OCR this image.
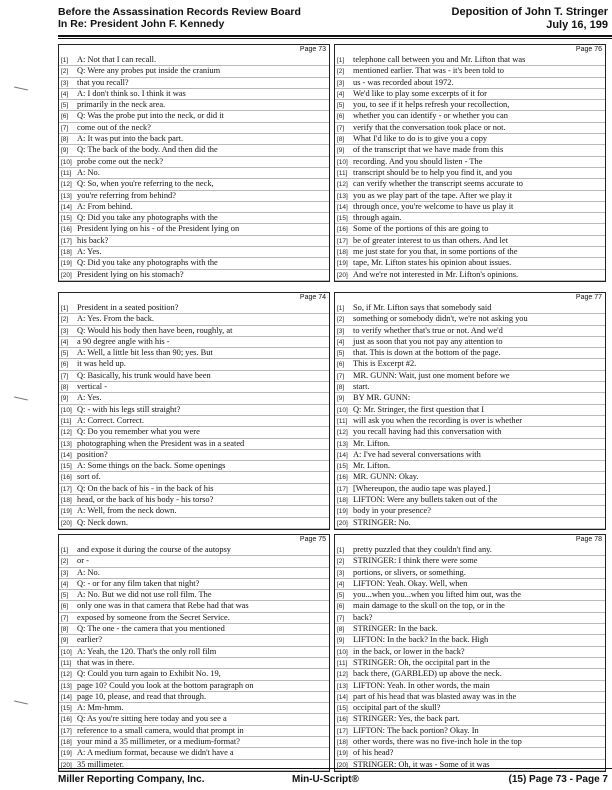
Before the Assassination Records Review Board
In Re: President John F. Kennedy
Deposition of John T. Stringer
July 16, 199
Page 73
[1] A: Not that I can recall.
[2] Q: Were any probes put inside the cranium
[3] that you recall?
[4] A: I don't think so. I think it was
[5] primarily in the neck area.
[6] Q: Was the probe put into the neck, or did it
[7] come out of the neck?
[8] A: It was put into the back part.
[9] Q: The back of the body. And then did the
[10] probe come out the neck?
[11] A: No.
[12] Q: So, when you're referring to the neck,
[13] you're referring from behind?
[14] A: From behind.
[15] Q: Did you take any photographs with the
[16] President lying on his - of the President lying on
[17] his back?
[18] A: Yes.
[19] Q: Did you take any photographs with the
[20] President lying on his stomach?
Page 76
[1] telephone call between you and Mr. Lifton that was
[2] mentioned earlier. That was - it's been told to
[3] us - was recorded about 1972.
[4] We'd like to play some excerpts of it for
[5] you, to see if it helps refresh your recollection,
[6] whether you can identify - or whether you can
[7] verify that the conversation took place or not.
[8] What I'd like to do is to give you a copy
[9] of the transcript that we have made from this
[10] recording. And you should listen - The
[11] transcript should be to help you find it, and you
[12] can verify whether the transcript seems accurate to
[13] you as we play part of the tape. After we play it
[14] through once, you're welcome to have us play it
[15] through again.
[16] Some of the portions of this are going to
[17] be of greater interest to us than others. And let
[18] me just state for you that, in some portions of the
[19] tape, Mr. Lifton states his opinion about issues.
[20] And we're not interested in Mr. Lifton's opinions.
Page 74
[1] President in a seated position?
[2] A: Yes. From the back.
[3] Q: Would his body then have been, roughly, at
[4] a 90 degree angle with his -
[5] A: Well, a little bit less than 90; yes. But
[6] it was held up.
[7] Q: Basically, his trunk would have been
[8] vertical -
[9] A: Yes.
[10] Q: - with his legs still straight?
[11] A: Correct. Correct.
[12] Q: Do you remember what you were
[13] photographing when the President was in a seated
[14] position?
[15] A: Some things on the back. Some openings
[16] sort of.
[17] Q: On the back of his - in the back of his
[18] head, or the back of his body - his torso?
[19] A: Well, from the neck down.
[20] Q: Neck down.
Page 77
[1] So, if Mr. Lifton says that somebody said
[2] something or somebody didn't, we're not asking you
[3] to verify whether that's true or not. And we'd
[4] just as soon that you not pay any attention to
[5] that. This is down at the bottom of the page.
[6] This is Excerpt #2.
[7] MR. GUNN: Wait, just one moment before we
[8] start.
[9] BY MR. GUNN:
[10] Q: Mr. Stringer, the first question that I
[11] will ask you when the recording is over is whether
[12] you recall having had this conversation with
[13] Mr. Lifton.
[14] A: I've had several conversations with
[15] Mr. Lifton.
[16] MR. GUNN: Okay.
[17] [Whereupon, the audio tape was played.]
[18] LIFTON: Were any bullets taken out of the
[19] body in your presence?
[20] STRINGER: No.
Page 75
[1] and expose it during the course of the autopsy
[2] or -
[3] A: No.
[4] Q: - or for any film taken that night?
[5] A: No. But we did not use roll film. The
[6] only one was in that camera that Rebe had that was
[7] exposed by someone from the Secret Service.
[8] Q: The one - the camera that you mentioned
[9] earlier?
[10] A: Yeah, the 120. That's the only roll film
[11] that was in there.
[12] Q: Could you turn again to Exhibit No. 19,
[13] page 10? Could you look at the bottom paragraph on
[14] page 10, please, and read that through.
[15] A: Mm-hmm.
[16] Q: As you're sitting here today and you see a
[17] reference to a small camera, would that prompt in
[18] your mind a 35 millimeter, or a medium-format?
[19] A: A medium format, because we didn't have a
[20] 35 millimeter.
Page 78
[1] pretty puzzled that they couldn't find any.
[2] STRINGER: I think there were some
[3] portions, or slivers, or something.
[4] LIFTON: Yeah. Okay. Well, when
[5] you...when you...when you lifted him out, was the
[6] main damage to the skull on the top, or in the
[7] back?
[8] STRINGER: In the back.
[9] LIFTON: In the back? In the back. High
[10] in the back, or lower in the back?
[11] STRINGER: Oh, the occipital part in the
[12] back there, (GARBLED) up above the neck.
[13] LIFTON: Yeah. In other words, the main
[14] part of his head that was blasted away was in the
[15] occipital part of the skull?
[16] STRINGER: Yes, the back part.
[17] LIFTON: The back portion? Okay. In
[18] other words, there was no five-inch hole in the top
[19] of his head?
[20] STRINGER: Oh, it was - Some of it was
Miller Reporting Company, Inc.	Min-U-Script®	(15) Page 73 - Page 7
